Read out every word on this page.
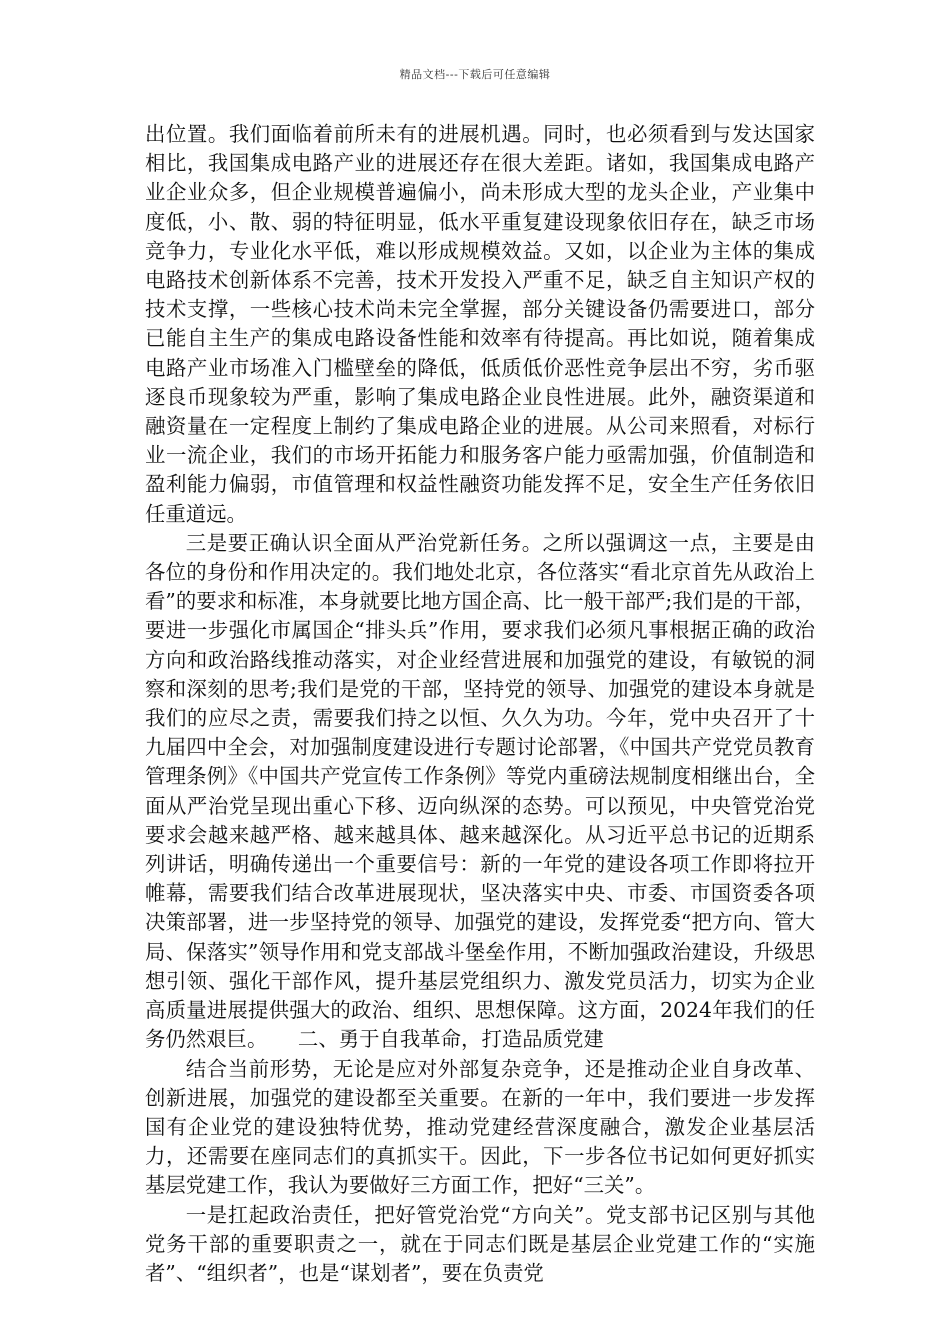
精品文档---下载后可任意编辑

出位置。我们面临着前所未有的进展机遇。同时，也必须看到与发达国家相比，我国集成电路产业的进展还存在很大差距。诸如，我国集成电路产业企业众多，但企业规模普遍偏小，尚未形成大型的龙头企业，产业集中度低，小、散、弱的特征明显，低水平重复建设现象依旧存在，缺乏市场竞争力，专业化水平低，难以形成规模效益。又如，以企业为主体的集成电路技术创新体系不完善，技术开发投入严重不足，缺乏自主知识产权的技术支撑，一些核心技术尚未完全掌握，部分关键设备仍需要进口，部分已能自主生产的集成电路设备性能和效率有待提高。再比如说，随着集成电路产业市场准入门槛壁垒的降低，低质低价恶性竞争层出不穷，劣币驱逐良币现象较为严重，影响了集成电路企业良性进展。此外，融资渠道和融资量在一定程度上制约了集成电路企业的进展。从公司来照看，对标行业一流企业，我们的市场开拓能力和服务客户能力亟需加强，价值制造和盈利能力偏弱，市值管理和权益性融资功能发挥不足，安全生产任务依旧任重道远。

三是要正确认识全面从严治党新任务。之所以强调这一点，主要是由各位的身份和作用决定的。我们地处北京，各位落实“看北京首先从政治上看”的要求和标准，本身就要比地方国企高、比一般干部严;我们是的干部，要进一步强化市属国企“排头兵”作用，要求我们必须凡事根据正确的政治方向和政治路线推动落实，对企业经营进展和加强党的建设，有敏锐的洞察和深刻的思考;我们是党的干部，坚持党的领导、加强党的建设本身就是我们的应尽之责，需要我们持之以恒、久久为功。今年，党中央召开了十九届四中全会，对加强制度建设进行专题讨论部署，《中国共产党党员教育管理条例》《中国共产党宣传工作条例》等党内重磅法规制度相继出台，全面从严治党呈现出重心下移、迈向纵深的态势。可以预见，中央管党治党要求会越来越严格、越来越具体、越来越深化。从习近平总书记的近期系列讲话，明确传递出一个重要信号：新的一年党的建设各项工作即将拉开帷幕，需要我们结合改革进展现状，坚决落实中央、市委、市国资委各项决策部署，进一步坚持党的领导、加强党的建设，发挥党委“把方向、管大局、保落实”领导作用和党支部战斗堡垒作用，不断加强政治建设，升级思想引领、强化干部作风，提升基层党组织力、激发党员活力，切实为企业高质量进展提供强大的政治、组织、思想保障。这方面，2024年我们的任务仍然艰巨。　　二、勇于自我革命，打造品质党建

结合当前形势，无论是应对外部复杂竞争，还是推动企业自身改革、创新进展，加强党的建设都至关重要。在新的一年中，我们要进一步发挥国有企业党的建设独特优势，推动党建经营深度融合，激发企业基层活力，还需要在座同志们的真抓实干。因此，下一步各位书记如何更好抓实基层党建工作，我认为要做好三方面工作，把好“三关”。

一是扛起政治责任，把好管党治党“方向关”。党支部书记区别与其他党务干部的重要职责之一，就在于同志们既是基层企业党建工作的“实施者”、“组织者”，也是“谋划者”，要在负责党
